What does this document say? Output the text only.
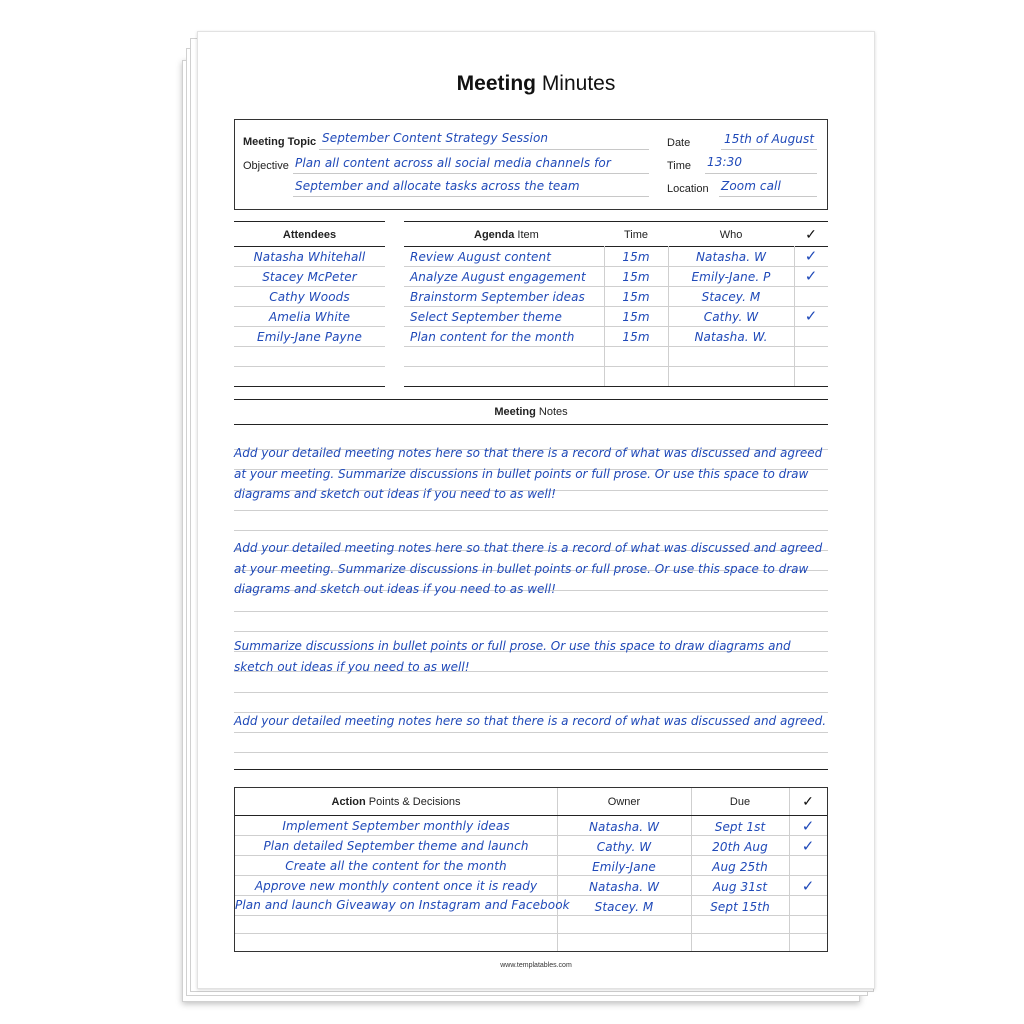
Meeting Minutes
Meeting Topic September Content Strategy Session
Objective Plan all content across all social media channels for
September and allocate tasks across the team
Date	15th of August
Time 13:30
Location Zoom call
Attendees
Natasha Whitehall
Stacey McPeter
Cathy Woods
Amelia White
Emily-Jane Payne
Agenda Item	Time	Who	✓
Review August content	15m	Natasha. W	✓
Analyze August engagement	15m	Emily-Jane. P	✓
Brainstorm September ideas	15m	Stacey. M
Select September theme	15m	Cathy. W	✓
Plan content for the month	15m	Natasha. W.
Meeting Notes
Add your detailed meeting notes here so that there is a record of what was discussed and agreed at your meeting. Summarize discussions in bullet points or full prose. Or use this space to draw diagrams and sketch out ideas if you need to as well!
Add your detailed meeting notes here so that there is a record of what was discussed and agreed at your meeting. Summarize discussions in bullet points or full prose. Or use this space to draw diagrams and sketch out ideas if you need to as well!
Summarize discussions in bullet points or full prose. Or use this space to draw diagrams and sketch out ideas if you need to as well!
Add your detailed meeting notes here so that there is a record of what was discussed and agreed.
Action Points & Decisions	Owner	Due	✓
Implement September monthly ideas	Natasha. W	Sept 1st	✓
Plan detailed September theme and launch	Cathy. W	20th Aug	✓
Create all the content for the month	Emily-Jane	Aug 25th
Approve new monthly content once it is ready	Natasha. W	Aug 31st	✓
Plan and launch Giveaway on Instagram and Facebook	Stacey. M	Sept 15th
www.templatables.com
